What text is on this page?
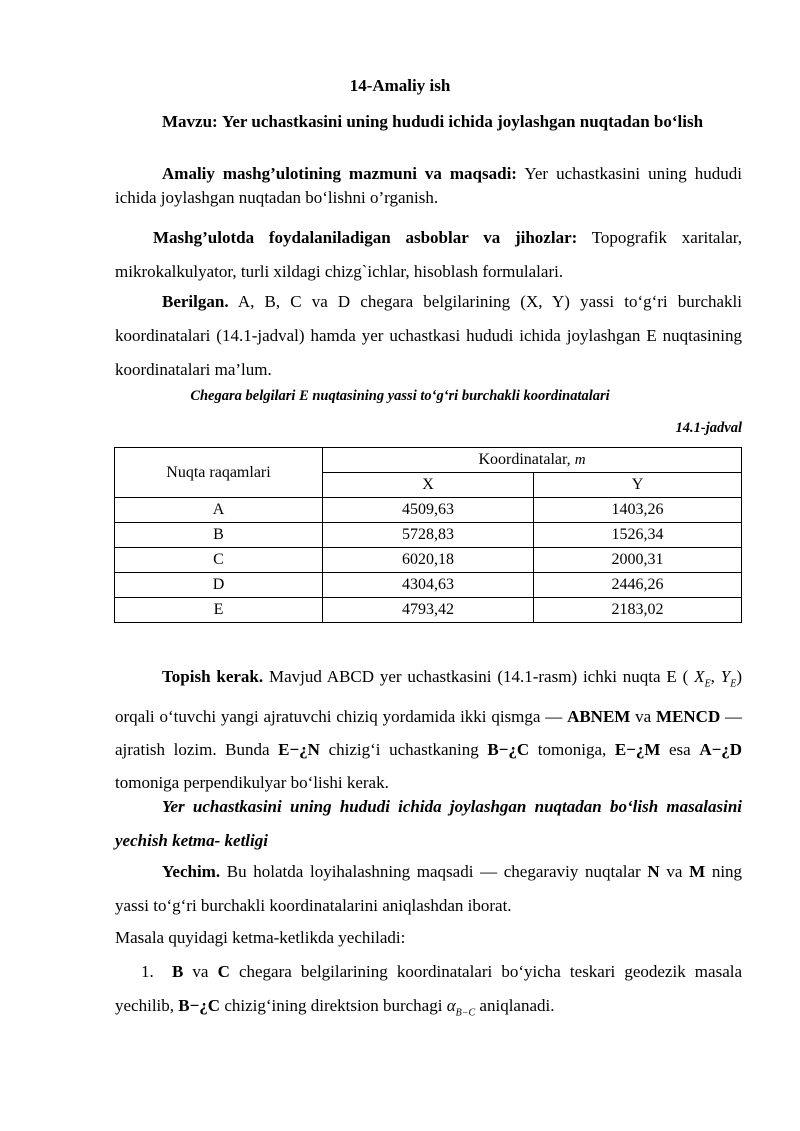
14-Amaliy ish
Mavzu: Yer uchastkasini uning hududi ichida joylashgan nuqtadan bo‘lish
Amaliy mashg’ulotining mazmuni va maqsadi: Yer uchastkasini uning hududi ichida joylashgan nuqtadan bo‘lishni o’rganish.
Mashg’ulotda foydalaniladigan asboblar va jihozlar: Topografik xaritalar, mikrokalkulyator, turli xildagi chizg`ichlar, hisoblash formulalari.
Berilgan. A, B, C va D chegara belgilarining (X, Y) yassi to‘g‘ri burchakli koordinatalari (14.1-jadval) hamda yer uchastkasi hududi ichida joylashgan E nuqtasining koordinatalari ma’lum.
Chegara belgilari E nuqtasining yassi to‘g‘ri burchakli koordinatalari
14.1-jadval
Nuqta raqamlari	Koordinatalar, m	
	X	Y
A	4509,63	1403,26
B	5728,83	1526,34
C	6020,18	2000,31
D	4304,63	2446,26
E	4793,42	2183,02
Topish kerak. Mavjud ABCD yer uchastkasini (14.1-rasm) ichki nuqta E ( $X_E$, $Y_E$) orqali o‘tuvchi yangi ajratuvchi chiziq yordamida ikki qismga — ABNEM va MENCD — ajratish lozim. Bunda E−¿N chizig‘i uchastkaning B−¿C tomoniga, E−¿M esa A−¿D tomoniga perpendikulyar bo‘lishi kerak.
Yer uchastkasini uning hududi ichida joylashgan nuqtadan bo‘lish masalasini yechish ketma- ketligi
Yechim. Bu holatda loyihalashning maqsadi — chegaraviy nuqtalar N va M ning yassi to‘g‘ri burchakli koordinatalarini aniqlashdan iborat.
Masala quyidagi ketma-ketlikda yechiladi:
1. B va C chegara belgilarining koordinatalari bo‘yicha teskari geodezik masala yechilib, B−¿C chizig‘ining direktsion burchagi $\alpha_{B-C}$ aniqlanadi.
